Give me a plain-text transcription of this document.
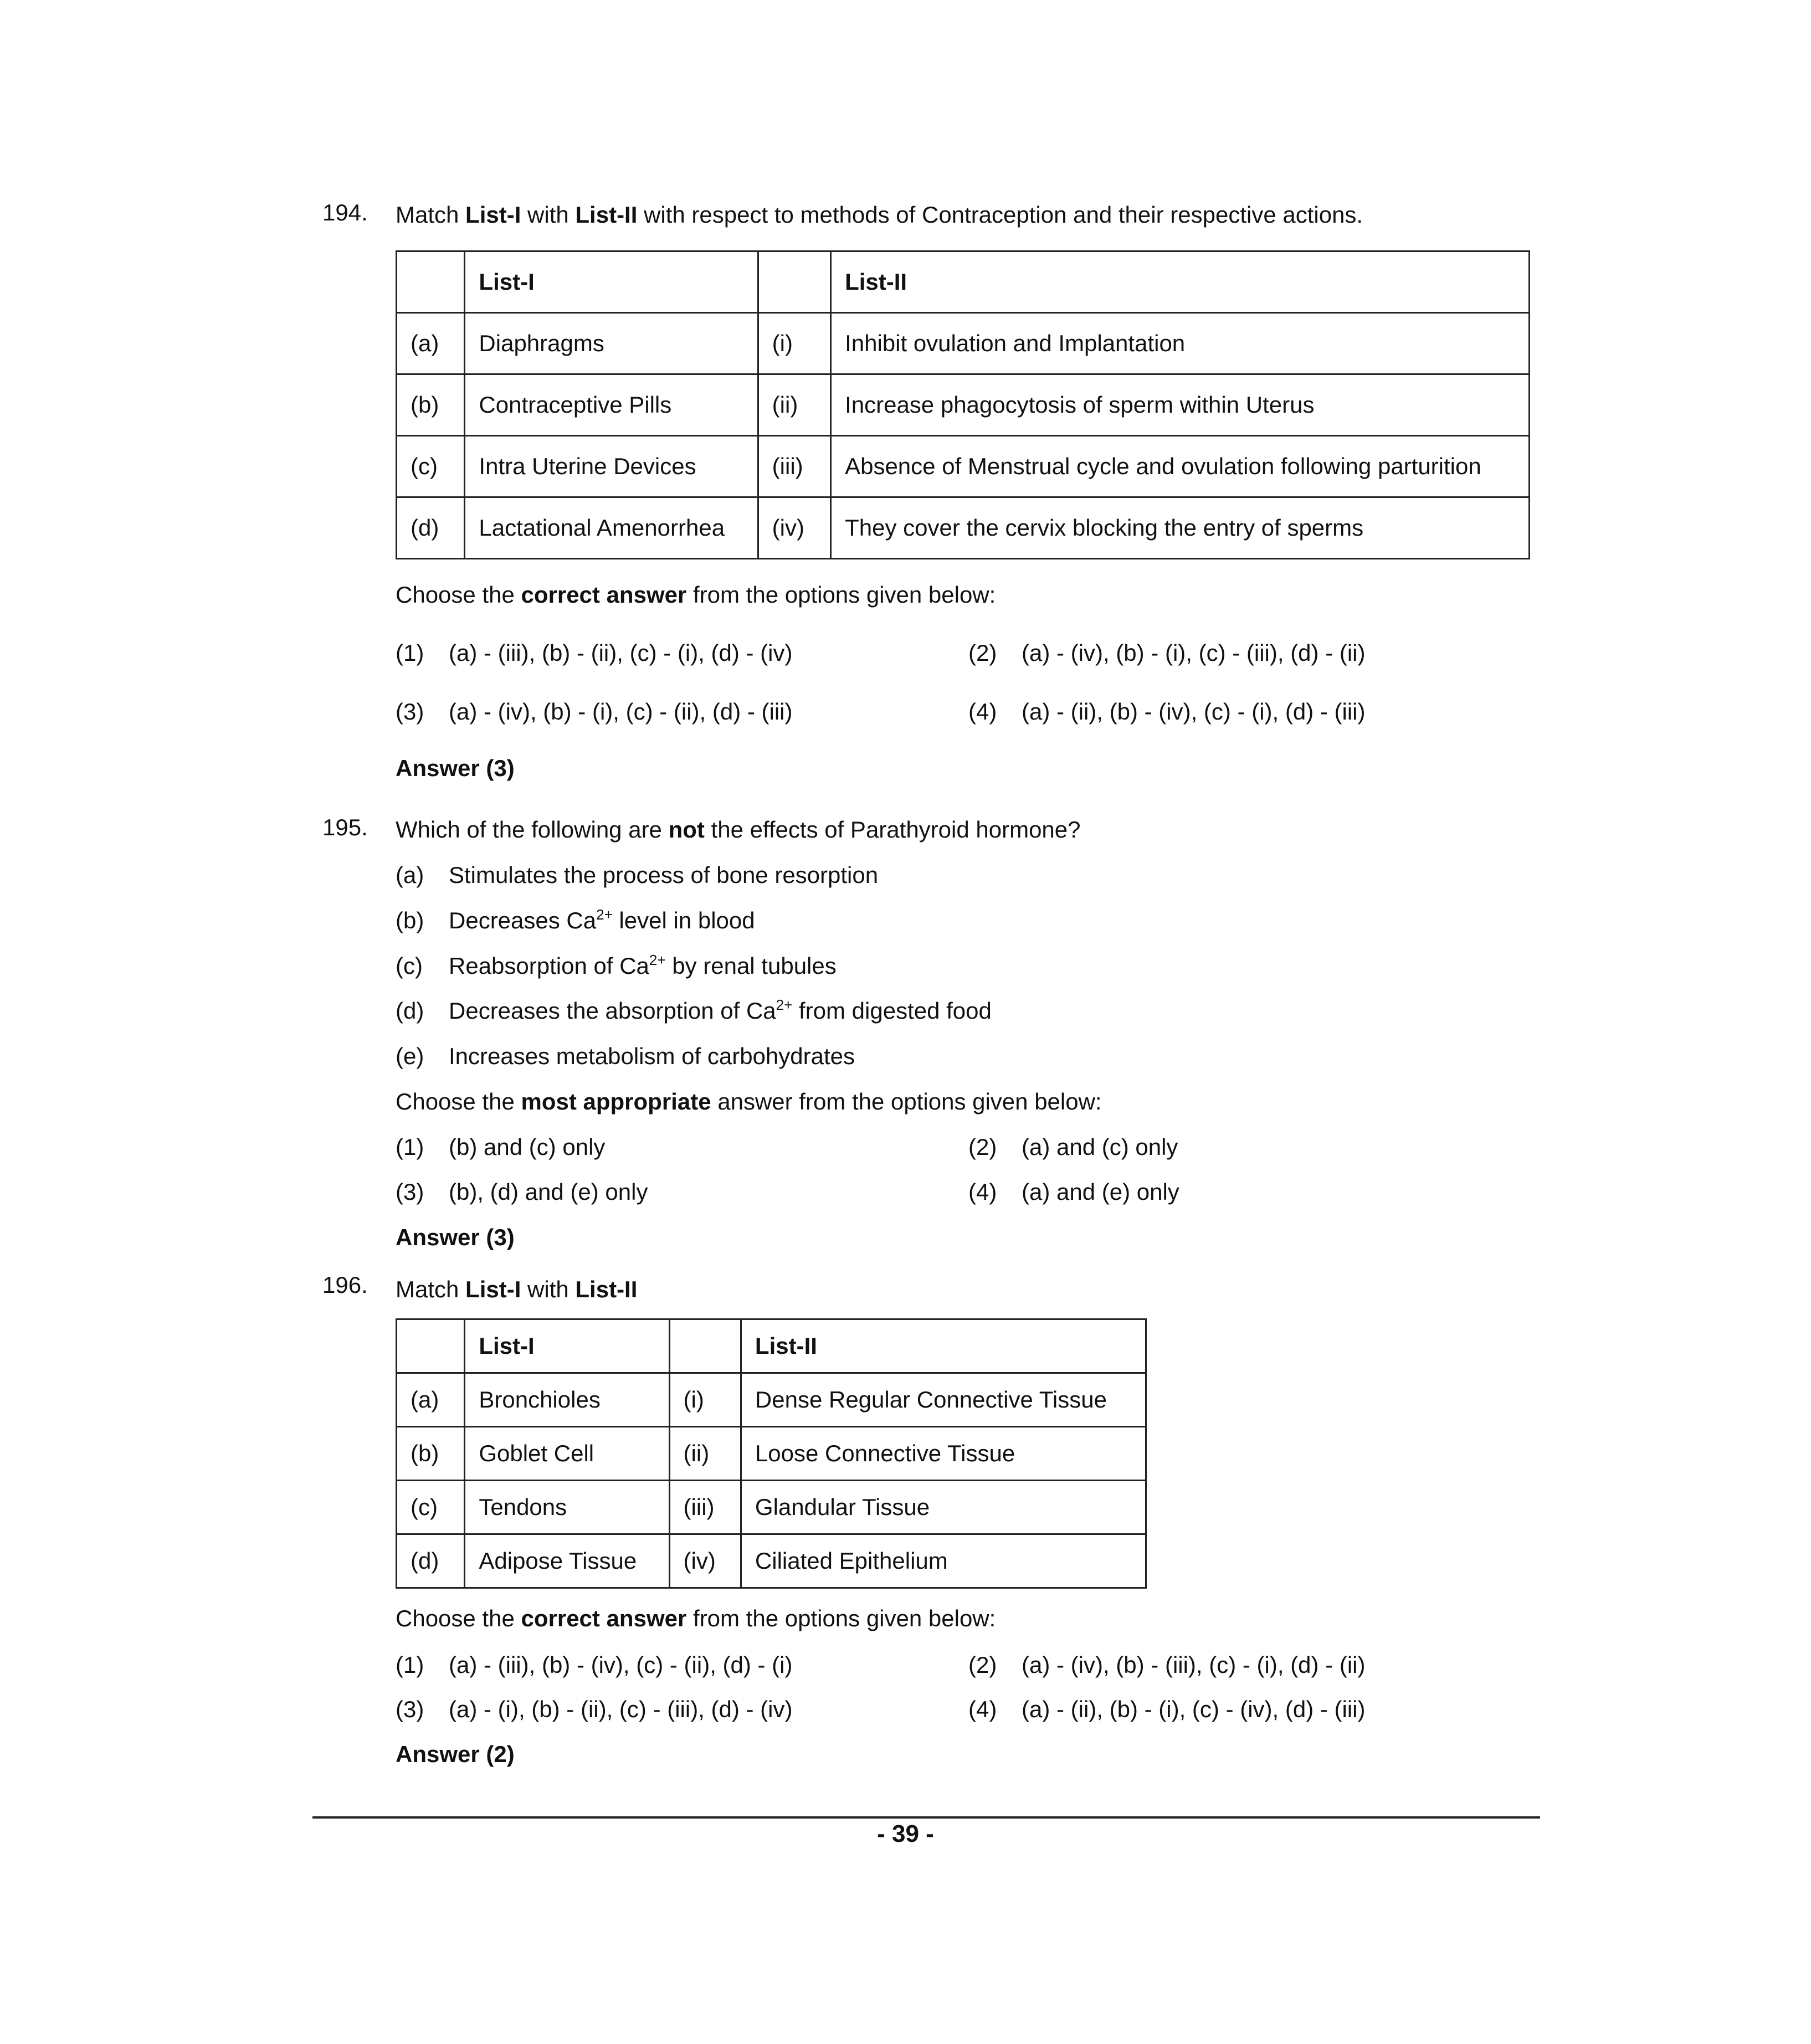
194. Match List-I with List-II with respect to methods of Contraception and their respective actions.
	List-I		List-II
(a)	Diaphragms	(i)	Inhibit ovulation and Implantation
(b)	Contraceptive Pills	(ii)	Increase phagocytosis of sperm within Uterus
(c)	Intra Uterine Devices	(iii)	Absence of Menstrual cycle and ovulation following parturition
(d)	Lactational Amenorrhea	(iv)	They cover the cervix blocking the entry of sperms
Choose the correct answer from the options given below:
(1) (a) - (iii), (b) - (ii), (c) - (i), (d) - (iv)	(2) (a) - (iv), (b) - (i), (c) - (iii), (d) - (ii)
(3) (a) - (iv), (b) - (i), (c) - (ii), (d) - (iii)	(4) (a) - (ii), (b) - (iv), (c) - (i), (d) - (iii)
Answer (3)
195. Which of the following are not the effects of Parathyroid hormone?
(a) Stimulates the process of bone resorption
(b) Decreases $Ca^{2+}$ level in blood
(c) Reabsorption of $Ca^{2+}$ by renal tubules
(d) Decreases the absorption of $Ca^{2+}$ from digested food
(e) Increases metabolism of carbohydrates
Choose the most appropriate answer from the options given below:
(1) (b) and (c) only	(2) (a) and (c) only
(3) (b), (d) and (e) only	(4) (a) and (e) only
Answer (3)
196. Match List-I with List-II
	List-I		List-II
(a)	Bronchioles	(i)	Dense Regular Connective Tissue
(b)	Goblet Cell	(ii)	Loose Connective Tissue
(c)	Tendons	(iii)	Glandular Tissue
(d)	Adipose Tissue	(iv)	Ciliated Epithelium
Choose the correct answer from the options given below:
(1) (a) - (iii), (b) - (iv), (c) - (ii), (d) - (i)	(2) (a) - (iv), (b) - (iii), (c) - (i), (d) - (ii)
(3) (a) - (i), (b) - (ii), (c) - (iii), (d) - (iv)	(4) (a) - (ii), (b) - (i), (c) - (iv), (d) - (iii)
Answer (2)
- 39 -
